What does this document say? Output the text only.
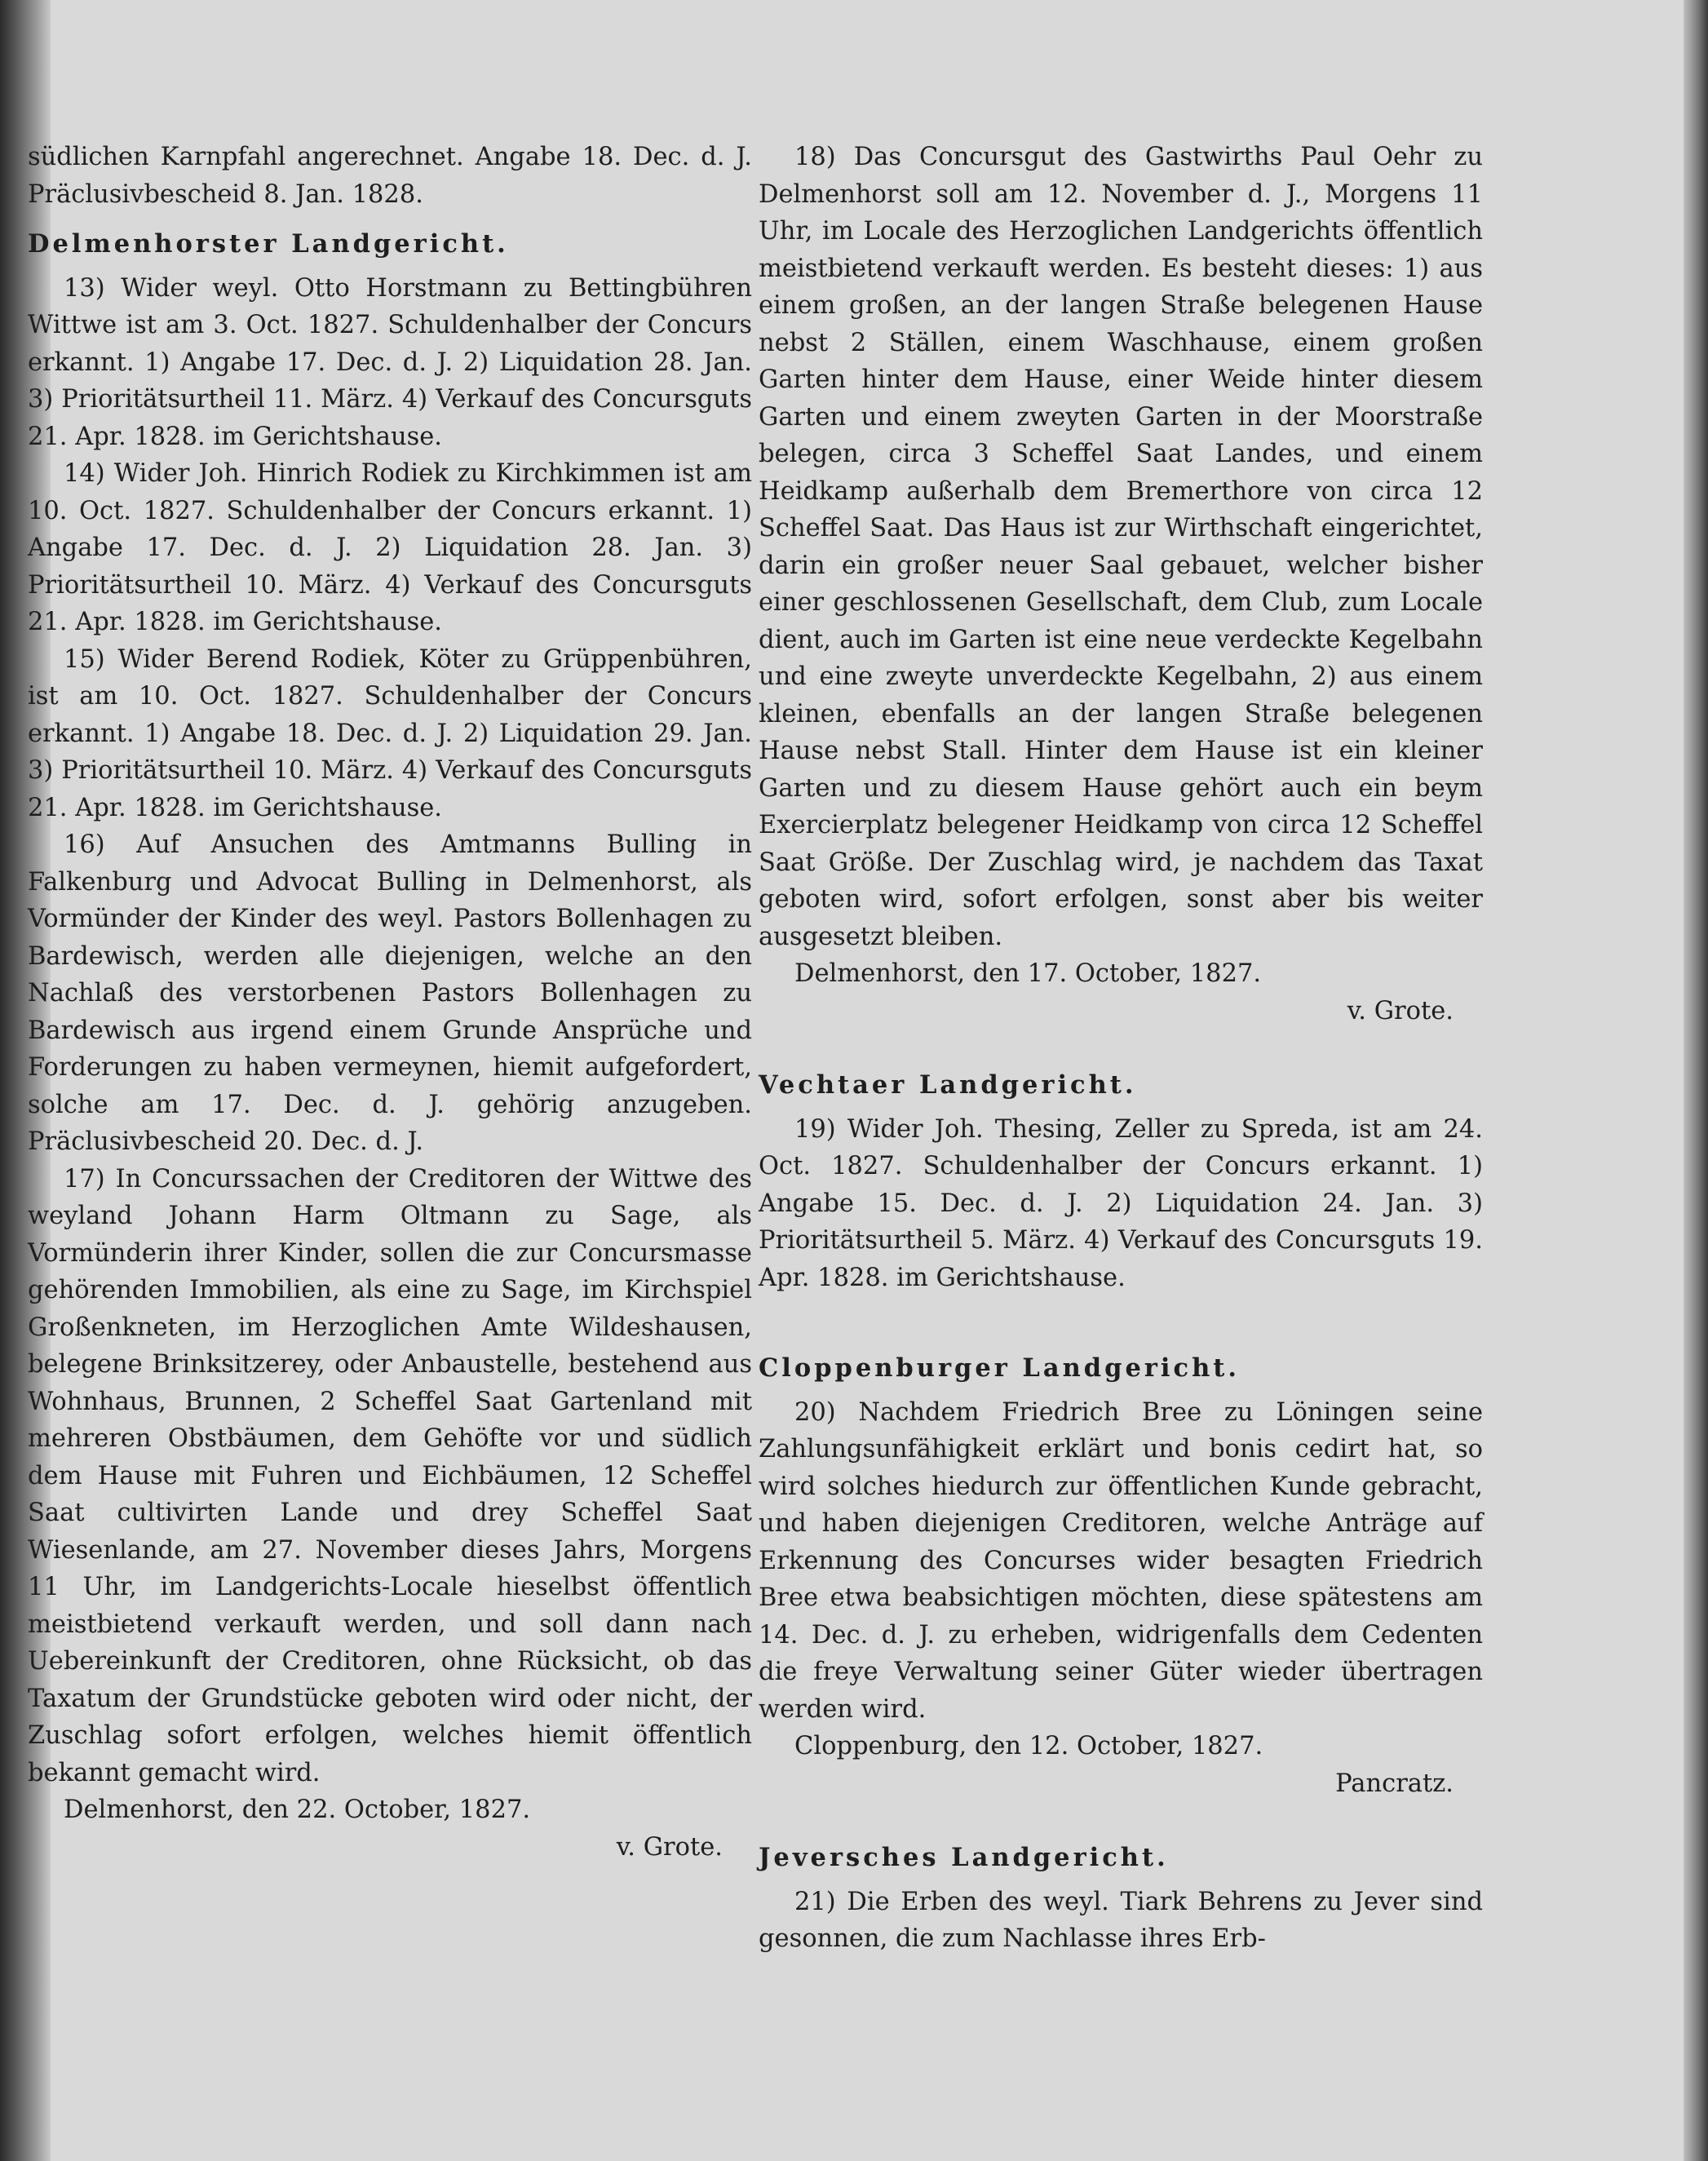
südlichen Karnpfahl angerechnet. Angabe 18. Dec. d. J. Präclusivbescheid 8. Jan. 1828.

Delmenhorster Landgericht.

13) Wider weyl. Otto Horstmann zu Bettingbühren Wittwe ist am 3. Oct. 1827. Schuldenhalber der Concurs erkannt. 1) Angabe 17. Dec. d. J. 2) Liquidation 28. Jan. 3) Prioritätsurtheil 11. März. 4) Verkauf des Concursguts 21. Apr. 1828. im Gerichtshause.

14) Wider Joh. Hinrich Rodiek zu Kirchkimmen ist am 10. Oct. 1827. Schuldenhalber der Concurs erkannt. 1) Angabe 17. Dec. d. J. 2) Liquidation 28. Jan. 3) Prioritätsurtheil 10. März. 4) Verkauf des Concursguts 21. Apr. 1828. im Gerichtshause.

15) Wider Berend Rodiek, Köter zu Grüppenbühren, ist am 10. Oct. 1827. Schuldenhalber der Concurs erkannt. 1) Angabe 18. Dec. d. J. 2) Liquidation 29. Jan. 3) Prioritätsurtheil 10. März. 4) Verkauf des Concursguts 21. Apr. 1828. im Gerichtshause.

16) Auf Ansuchen des Amtmanns Bulling in Falkenburg und Advocat Bulling in Delmenhorst, als Vormünder der Kinder des weyl. Pastors Bollenhagen zu Bardewisch, werden alle diejenigen, welche an den Nachlaß des verstorbenen Pastors Bollenhagen zu Bardewisch aus irgend einem Grunde Ansprüche und Forderungen zu haben vermeynen, hiemit aufgefordert, solche am 17. Dec. d. J. gehörig anzugeben. Präclusivbescheid 20. Dec. d. J.

17) In Concurssachen der Creditoren der Wittwe des weyland Johann Harm Oltmann zu Sage, als Vormünderin ihrer Kinder, sollen die zur Concursmasse gehörenden Immobilien, als eine zu Sage, im Kirchspiel Großenkneten, im Herzoglichen Amte Wildeshausen, belegene Brinksitzerey, oder Anbaustelle, bestehend aus Wohnhaus, Brunnen, 2 Scheffel Saat Gartenland mit mehreren Obstbäumen, dem Gehöfte vor und südlich dem Hause mit Fuhren und Eichbäumen, 12 Scheffel Saat cultivirten Lande und drey Scheffel Saat Wiesenlande, am 27. November dieses Jahrs, Morgens 11 Uhr, im Landgerichts-Locale hieselbst öffentlich meistbietend verkauft werden, und soll dann nach Uebereinkunft der Creditoren, ohne Rücksicht, ob das Taxatum der Grundstücke geboten wird oder nicht, der Zuschlag sofort erfolgen, welches hiemit öffentlich bekannt gemacht wird.

Delmenhorst, den 22. October, 1827.

v. Grote.

18) Das Concursgut des Gastwirths Paul Oehr zu Delmenhorst soll am 12. November d. J., Morgens 11 Uhr, im Locale des Herzoglichen Landgerichts öffentlich meistbietend verkauft werden. Es besteht dieses: 1) aus einem großen, an der langen Straße belegenen Hause nebst 2 Ställen, einem Waschhause, einem großen Garten hinter dem Hause, einer Weide hinter diesem Garten und einem zweyten Garten in der Moorstraße belegen, circa 3 Scheffel Saat Landes, und einem Heidkamp außerhalb dem Bremerthore von circa 12 Scheffel Saat. Das Haus ist zur Wirthschaft eingerichtet, darin ein großer neuer Saal gebauet, welcher bisher einer geschlossenen Gesellschaft, dem Club, zum Locale dient, auch im Garten ist eine neue verdeckte Kegelbahn und eine zweyte unverdeckte Kegelbahn, 2) aus einem kleinen, ebenfalls an der langen Straße belegenen Hause nebst Stall. Hinter dem Hause ist ein kleiner Garten und zu diesem Hause gehört auch ein beym Exercierplatz belegener Heidkamp von circa 12 Scheffel Saat Größe. Der Zuschlag wird, je nachdem das Taxat geboten wird, sofort erfolgen, sonst aber bis weiter ausgesetzt bleiben.

Delmenhorst, den 17. October, 1827.

v. Grote.

Vechtaer Landgericht.

19) Wider Joh. Thesing, Zeller zu Spreda, ist am 24. Oct. 1827. Schuldenhalber der Concurs erkannt. 1) Angabe 15. Dec. d. J. 2) Liquidation 24. Jan. 3) Prioritätsurtheil 5. März. 4) Verkauf des Concursguts 19. Apr. 1828. im Gerichtshause.

Cloppenburger Landgericht.

20) Nachdem Friedrich Bree zu Löningen seine Zahlungsunfähigkeit erklärt und bonis cedirt hat, so wird solches hiedurch zur öffentlichen Kunde gebracht, und haben diejenigen Creditoren, welche Anträge auf Erkennung des Concurses wider besagten Friedrich Bree etwa beabsichtigen möchten, diese spätestens am 14. Dec. d. J. zu erheben, widrigenfalls dem Cedenten die freye Verwaltung seiner Güter wieder übertragen werden wird.

Cloppenburg, den 12. October, 1827.

Pancratz.

Jeversches Landgericht.

21) Die Erben des weyl. Tiark Behrens zu Jever sind gesonnen, die zum Nachlasse ihres Erb-
